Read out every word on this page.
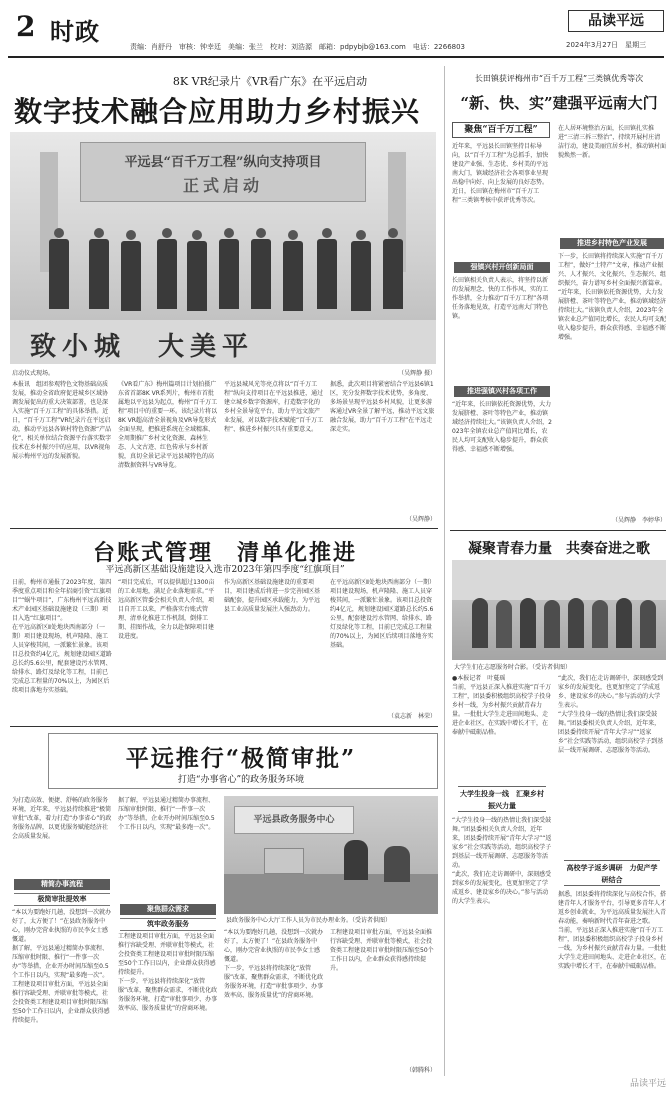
2 时政
责编：肖舒丹　审核：钟幸廷　美编：张兰　校对：刘浩源　邮箱：pdpybjb@163.com　电话：2266803
品读平远
2024年3月27日　星期三
8K VR纪录片《VR看广东》在平远启动
数字技术融合应用助力乡村振兴
平远县“百千万工程”纵向支持项目
正式启动
致小城　大美平
启动仪式现场。	（吴辉静 摄）

本报讯　组团参观特色文物基础高质发展，推动全省政府促进城乡区域协调发展促出的重大决策部署，也是深入实施“百千万工程”的具体举措。近日，“百千万工程”VR纪录片在平远启动，推动平远县各镇村特色资源“产品化”，相关单位结合资源平台落实数字技术在乡村振兴中的应用，以VR视角展示梅州平远的发展新貌。

《VR看广东》梅州篇项目计划拍摄广东省首部8K VR系列片，梅州市首批属地以平远县为起点，梅州“百千万工程”项目中的重要一环。该纪录片将以8K VR超高清全景视角及VR导览形式全面呈现，把推进系统在全域精准、全周期推广乡村文化资源、森林生态、人文古迹、红色传承与乡村新貌，真切全景记录平远县城特色的高清数据资料与VR导览。

平远县城风光等亮点将以“百千万工程”纵向支持项目在平远县推进，通过建立城乡数字资源库，打造数字化的乡村全景导览平台，助力平远文旅产业发展，对以数字技术赋能“百千万工程”、推进乡村振兴具有重要意义。

据悉，此次项目将紧密结合平远县6镇1区，充分发挥数字技术优势，多角度、多场景呈现平远县乡村风貌，让更多游客通过VR全景了解平远，推动平远文旅融合发展，助力“百千万工程”在平远走深走实。

（吴辉静）
台账式管理　清单化推进
平远高新区基础设施建设入选市2023年第四季度“红旗项目”

日前，梅州市通报了2023年度、第四季度重点项目和全年招商引资“红旗项目”“蜗牛项目”，广东梅州平远高新技术产业园区基础设施建设（三期）项目入选“红旗项目”。

在平远高新区Ⅱ处地块西南部分（一期）项目建设现场，机声隆隆、施工人员穿梭其间，一派繁忙景象。该项目总投资约4亿元，规划建设园区道路总长约5.6公里，配套建设污水管网、给排水、路灯及绿化等工程，目前已完成总工程量的70%以上，为园区后续项目落地夯实基础。

“项目完成后，可以提供超过1300亩的工业用地，满足企业落地需求。”平远高新区管委会相关负责人介绍，项目自开工以来，严格落实台账式管理、清单化推进工作机制，倒排工期、挂图作战，全力以赴保障项目建设进度。

作为高新区基础设施建设的重要项目，项目建成后将进一步完善园区基础配套，提升园区承载能力，为平远县工业高质量发展注入强劲动力。

在平远高新区Ⅱ处地块西南部分（一期）项目建设现场，机声隆隆、施工人员穿梭其间，一派繁忙景象。该项目总投资约4亿元，规划建设园区道路总长约5.6公里，配套建设污水管网、给排水、路灯及绿化等工程，目前已完成总工程量的70%以上，为园区后续项目落地夯实基础。

（袁志新　林荣）
平远推行“极简审批”
打造“办事省心”的政务服务环境

为打造高效、便捷、舒畅的政务服务环境，近年来，平远县持续推进“极简审批”改革，着力打造“办事省心”的政务服务品牌，以更优服务赋能经济社会高质量发展。

精简办事流程
极简审批提效率

“本以为要跑好几趟，没想到一次就办好了，太方便了！”在县政务服务中心，刚办完营业执照的市民李女士感慨道。

据了解，平远县通过精简办事流程、压缩审批时限、推行“一件事一次办”等举措，企业开办时间压缩至0.5个工作日以内，实现“最多跑一次”。

工程建设项目审批方面，平远县全面推行容缺受理、并联审批等模式，社会投资类工程建设项目审批时限压缩至50个工作日以内，企业群众获得感持续提升。

据了解，平远县通过精简办事流程、压缩审批时限、推行“一件事一次办”等举措，企业开办时间压缩至0.5个工作日以内，实现“最多跑一次”。

聚焦群众需求
筑牢政务服务

工程建设项目审批方面，平远县全面推行容缺受理、并联审批等模式，社会投资类工程建设项目审批时限压缩至50个工作日以内，企业群众获得感持续提升。

下一步，平远县将持续深化“放管服”改革，聚焦群众需求，不断优化政务服务环境，打造“审批事项少、办事效率高、服务质量优”的营商环境。

平远县政务服务中心
县政务服务中心大厅工作人员为市民办理业务。（受访者供图）

“本以为要跑好几趟，没想到一次就办好了，太方便了！”在县政务服务中心，刚办完营业执照的市民李女士感慨道。

下一步，平远县将持续深化“放管服”改革，聚焦群众需求，不断优化政务服务环境，打造“审批事项少、办事效率高、服务质量优”的营商环境。

工程建设项目审批方面，平远县全面推行容缺受理、并联审批等模式，社会投资类工程建设项目审批时限压缩至50个工作日以内，企业群众获得感持续提升。

（韩腾科）
长田镇获评梅州市“百千万工程”三类镇优秀等次
“新、快、实”建强平远南大门
聚焦“百千万工程”

近年来，平远县长田镇坚持目标导向，以“百千万工程”为总抓手，加快建设产业强、生态优、乡村美的平远南大门，镇域经济社会各项事业呈现出稳中向好、向上发展的良好态势。近日，长田镇在梅州市“百千万工程”三类镇考核中获评优秀等次。

强镇兴村开创新局面

长田镇相关负责人表示，将坚持以新的发展理念、快的工作作风、实的工作举措，全力推动“百千万工程”各项任务落地见效，打造平远南大门特色镇。

推进强镇兴村各项工作

“近年来，长田镇依托资源优势，大力发展脐橙、茶叶等特色产业，推动镇域经济持续壮大。”该镇负责人介绍，2023年全镇农业总产值同比增长，农民人均可支配收入稳步提升，群众获得感、幸福感不断增强。

在人居环境整治方面，长田镇扎实推进“三清三拆三整治”，持续开展村庄清洁行动，建设美丽宜居乡村，推动镇村面貌焕然一新。

推进乡村特色产业发展

下一步，长田镇将持续深入实施“百千万工程”，做好“土特产”文章，推动产业振兴、人才振兴、文化振兴、生态振兴、组织振兴，奋力谱写乡村全面振兴新篇章。

“近年来，长田镇依托资源优势，大力发展脐橙、茶叶等特色产业，推动镇域经济持续壮大。”该镇负责人介绍，2023年全镇农业总产值同比增长，农民人均可支配收入稳步提升，群众获得感、幸福感不断增强。

（吴辉静　李婷华）
凝聚青春力量　共奏奋进之歌
大学生们在志愿服务时合影。（受访者供图）

●本报记者　叶蔓瑶

当前，平远县正深入推进实施“百千万工程”，团县委积极组织高校学子投身乡村一线，为乡村振兴贡献青春力量。一批批大学生走进田间地头、走进企业社区，在实践中增长才干，在奉献中砥砺品格。

大学生投身一线　汇聚乡村振兴力量

“大学生投身一线的热情让我们深受鼓舞。”团县委相关负责人介绍，近年来，团县委持续开展“青年大学习”“返家乡”社会实践等活动，组织高校学子到基层一线开展调研、志愿服务等活动。

“此次，我们在走访调研中，深刻感受到家乡的发展变化，也更加坚定了学成返乡、建设家乡的决心。”参与活动的大学生表示。

“此次，我们在走访调研中，深刻感受到家乡的发展变化，也更加坚定了学成返乡、建设家乡的决心。”参与活动的大学生表示。

“大学生投身一线的热情让我们深受鼓舞。”团县委相关负责人介绍，近年来，团县委持续开展“青年大学习”“返家乡”社会实践等活动，组织高校学子到基层一线开展调研、志愿服务等活动。

高校学子返乡调研　力促产学研结合

据悉，团县委将持续深化与高校合作，搭建青年人才服务平台，引导更多青年人才返乡创业就业，为平远高质量发展注入青春动能，奏响新时代青年奋进之歌。

当前，平远县正深入推进实施“百千万工程”，团县委积极组织高校学子投身乡村一线，为乡村振兴贡献青春力量。一批批大学生走进田间地头、走进企业社区，在实践中增长才干，在奉献中砥砺品格。

品读平远
